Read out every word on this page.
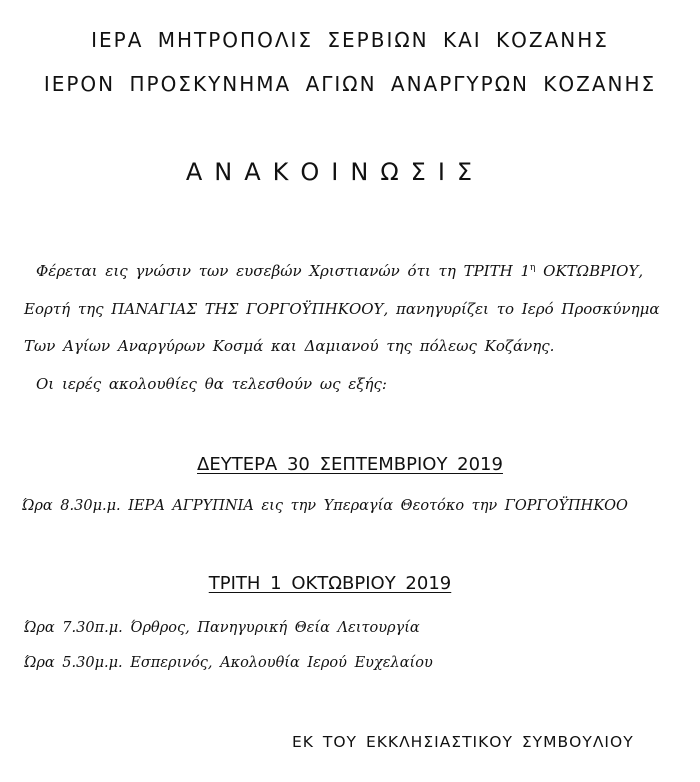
ΙΕΡΑ ΜΗΤΡΟΠΟΛΙΣ ΣΕΡΒΙΩΝ ΚΑΙ ΚΟΖΑΝΗΣ
ΙΕΡΟΝ ΠΡΟΣΚΥΝΗΜΑ ΑΓΙΩΝ ΑΝΑΡΓΥΡΩΝ ΚΟΖΑΝΗΣ
ΑΝΑΚΟΙΝΩΣΙΣ
Φέρεται εις γνώσιν των ευσεβών Χριστιανών ότι τη ΤΡΙΤΗ $1^\eta$ ΟΚΤΩΒΡΙΟΥ,
Εορτή της ΠΑΝΑΓΙΑΣ ΤΗΣ ΓΟΡΓΟΫΠΗΚΟΟΥ, πανηγυρίζει το Ιερό Προσκύνημα
Των Αγίων Αναργύρων Κοσμά και Δαμιανού της πόλεως Κοζάνης.
Οι ιερές ακολουθίες θα τελεσθούν ως εξής:
ΔΕΥΤΕΡΑ 30 ΣΕΠΤΕΜΒΡΙΟΥ 2019
Ώρα 8.30μ.μ. ΙΕΡΑ ΑΓΡΥΠΝΙΑ εις την Υπεραγία Θεοτόκο την ΓΟΡΓΟΫΠΗΚΟΟ
ΤΡΙΤΗ 1 ΟΚΤΩΒΡΙΟΥ 2019
Ώρα 7.30π.μ. Όρθρος, Πανηγυρική Θεία Λειτουργία
Ώρα 5.30μ.μ. Εσπερινός, Ακολουθία Ιερού Ευχελαίου
ΕΚ ΤΟΥ ΕΚΚΛΗΣΙΑΣΤΙΚΟΥ ΣΥΜΒΟΥΛΙΟΥ
